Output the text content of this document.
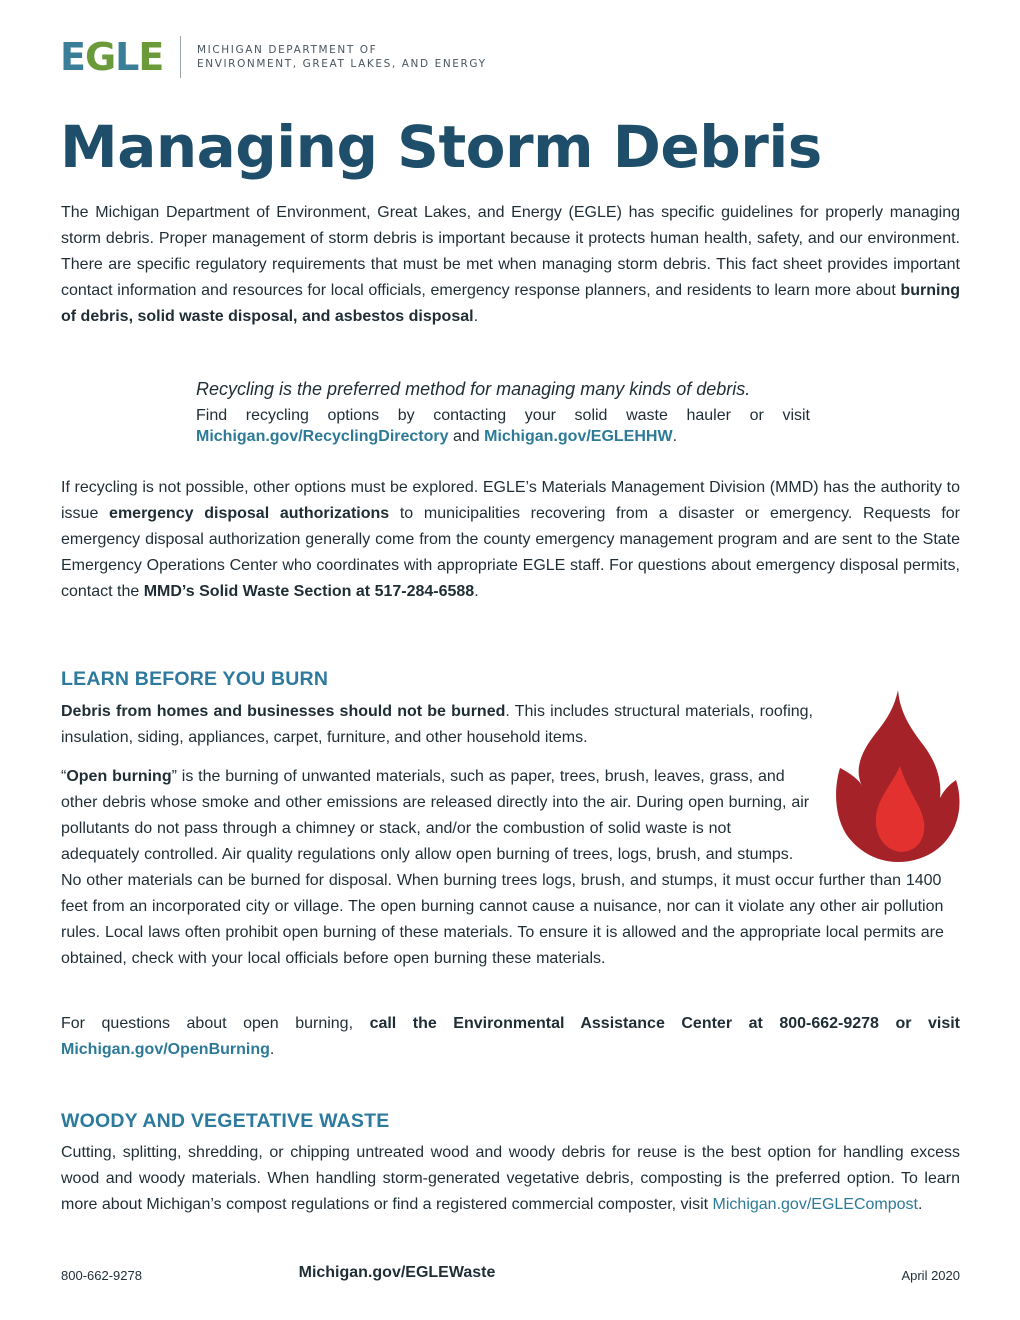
EGLE	MICHIGAN DEPARTMENT OF
ENVIRONMENT, GREAT LAKES, AND ENERGY
Managing Storm Debris

The Michigan Department of Environment, Great Lakes, and Energy (EGLE) has specific guidelines for properly managing storm debris. Proper management of storm debris is important because it protects human health, safety, and our environment. There are specific regulatory requirements that must be met when managing storm debris. This fact sheet provides important contact information and resources for local officials, emergency response planners, and residents to learn more about burning of debris, solid waste disposal, and asbestos disposal.

Recycling is the preferred method for managing many kinds of debris.

Find recycling options by contacting your solid waste hauler or visit Michigan.gov/RecyclingDirectory and Michigan.gov/EGLEHHW.

If recycling is not possible, other options must be explored. EGLE’s Materials Management Division (MMD) has the authority to issue emergency disposal authorizations to municipalities recovering from a disaster or emergency. Requests for emergency disposal authorization generally come from the county emergency management program and are sent to the State Emergency Operations Center who coordinates with appropriate EGLE staff. For questions about emergency disposal permits, contact the MMD’s Solid Waste Section at 517-284-6588.

LEARN BEFORE YOU BURN

Debris from homes and businesses should not be burned. This includes structural materials, roofing, insulation, siding, appliances, carpet, furniture, and other household items.

“Open burning” is the burning of unwanted materials, such as paper, trees, brush, leaves, grass, and other debris whose smoke and other emissions are released directly into the air. During open burning, air pollutants do not pass through a chimney or stack, and/or the combustion of solid waste is not adequately controlled. Air quality regulations only allow open burning of trees, logs, brush, and stumps. No other materials can be burned for disposal. When burning trees logs, brush, and stumps, it must occur further than 1400 feet from an incorporated city or village. The open burning cannot cause a nuisance, nor can it violate any other air pollution rules. Local laws often prohibit open burning of these materials. To ensure it is allowed and the appropriate local permits are obtained, check with your local officials before open burning these materials.

For questions about open burning, call the Environmental Assistance Center at 800-662-9278 or visit Michigan.gov/OpenBurning.

WOODY AND VEGETATIVE WASTE

Cutting, splitting, shredding, or chipping untreated wood and woody debris for reuse is the best option for handling excess wood and woody materials. When handling storm-generated vegetative debris, composting is the preferred option. To learn more about Michigan’s compost regulations or find a registered commercial composter, visit Michigan.gov/EGLECompost.

800-662-9278	Michigan.gov/EGLEWaste	April 2020
